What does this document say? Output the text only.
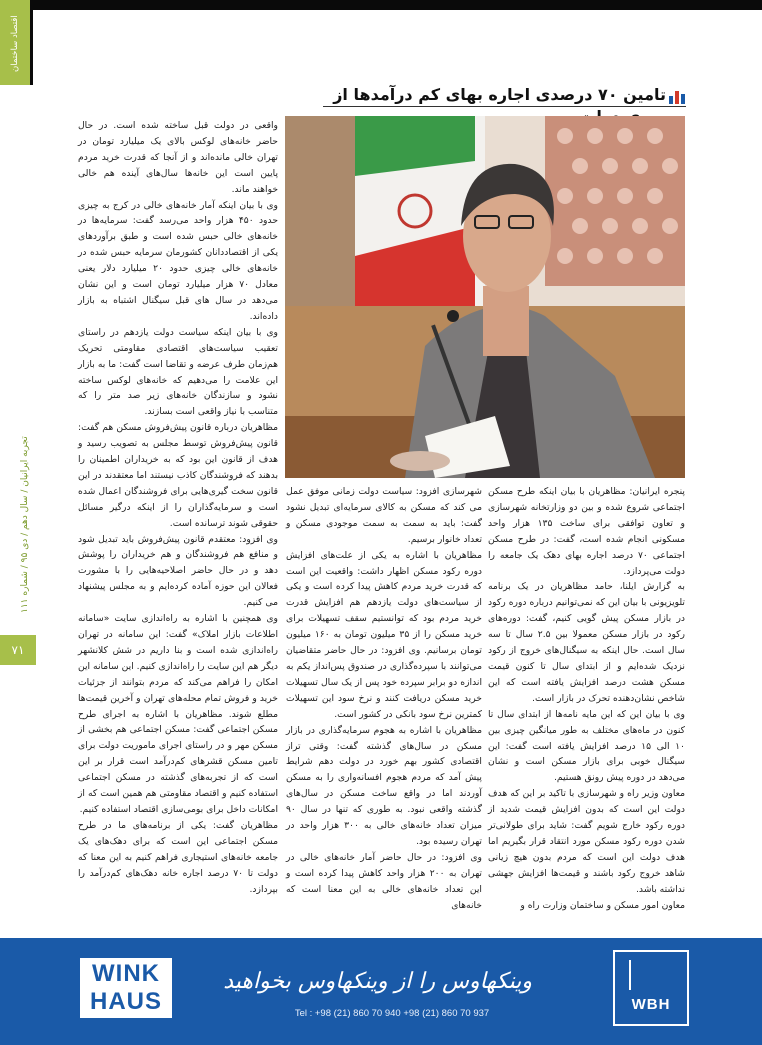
اقتصاد ساختمان
تجربه ایرانیان / سال دهم / دی ۹۵ / شماره ۱۱۱
۷۱
تامین ۷۰ درصدی اجاره بهای کم درآمدها از

پنجره ایرانیان: مظاهریان با بیان اینکه طرح مسکن اجتماعی شروع شده و بین دو وزارتخانه شهرسازی و تعاون توافقی برای ساخت ۱۳۵ هزار واحد مسکونی انجام شده است، گفت: در طرح مسکن اجتماعی ۷۰ درصد اجاره بهای دهک یک جامعه را دولت می‌پردازد.

به گزارش ایلنا، حامد مظاهریان در یک برنامه تلویزیونی با بیان این که نمی‌توانیم درباره دوره رکود در بازار مسکن پیش گویی کنیم، گفت: دوره‌های رکود در بازار مسکن معمولا بین ۲.۵ سال تا سه سال است. حال اینکه به سیگنال‌های خروج از رکود نزدیک شده‌ایم و از ابتدای سال تا کنون قیمت مسکن هشت درصد افزایش یافته است که این شاخص نشان‌دهنده تحرک در بازار است.

وی با بیان این که این مایه نامه‌ها از ابتدای سال تا کنون در ماه‌های مختلف به طور میانگین چیزی بین ۱۰ الی ۱۵ درصد افزایش یافته است گفت: این سیگنال خوبی برای بازار مسکن است و نشان می‌دهد در دوره پیش رونق هستیم.

معاون وزیر راه و شهرسازی با تاکید بر این که هدف دولت این است که بدون افزایش قیمت شدید از دوره رکود خارج شویم گفت: شاید برای طولانی‌تر شدن دوره رکود مسکن مورد انتقاد قرار بگیریم اما هدف دولت این است که مردم بدون هیچ زیانی شاهد خروج رکود باشند و قیمت‌ها افزایش جهشی نداشته باشد.

معاون امور مسکن و ساختمان وزارت راه و

شهرسازی افزود: سیاست دولت زمانی موفق عمل می کند که مسکن به کالای سرمایه‌ای تبدیل نشود گفت: باید به سمت به سمت موجودی مسکن و تعداد خانوار برسیم.

مظاهریان با اشاره به یکی از علت‌های افزایش دوره رکود مسکن اظهار داشت: واقعیت این است که قدرت خرید مردم کاهش پیدا کرده است و یکی از سیاست‌های دولت یازدهم هم افزایش قدرت خرید مردم بود که توانستیم سقف تسهیلات برای خرید مسکن را از ۳۵ میلیون تومان به ۱۶۰ میلیون تومان برسانیم. وی افزود: در حال حاضر متقاضیان می‌توانند با سپرده‌گذاری در صندوق پس‌انداز یکم به اندازه دو برابر سپرده خود پس از یک سال تسهیلات خرید مسکن دریافت کنند و نرخ سود این تسهیلات کمترین نرخ سود بانکی در کشور است.

مظاهریان با اشاره به هجوم سرمایه‌گذاری در بازار مسکن در سال‌های گذشته گفت: وقتی تراز اقتصادی کشور بهم خورد در دولت دهم شرایط پیش آمد که مردم هجوم افسانه‌واری را به مسکن آوردند اما در واقع ساخت مسکن در سال‌های گذشته واقعی نبود. به طوری که تنها در سال ۹۰ میزان تعداد خانه‌های خالی به ۳۰۰ هزار واحد در تهران رسیده بود.

وی افزود: در حال حاضر آمار خانه‌های خالی در تهران به ۲۰۰ هزار واحد کاهش پیدا کرده است و این تعداد خانه‌های خالی به این معنا است که خانه‌های

واقعی در دولت قبل ساخته شده است. در حال حاضر خانه‌های لوکس بالای یک میلیارد تومان در تهران خالی مانده‌اند و از آنجا که قدرت خرید مردم پایین است این خانه‌ها سال‌های آینده هم خالی خواهند ماند.

وی با بیان اینکه آمار خانه‌های خالی در کرج به چیزی حدود ۴۵۰ هزار واحد می‌رسد گفت: سرمایه‌ها در خانه‌های خالی حبس شده است و طبق برآوردهای یکی از اقتصاددانان کشورمان سرمایه حبس شده در خانه‌های خالی چیزی حدود ۲۰ میلیارد دلار یعنی معادل ۷۰ هزار میلیارد تومان است و این نشان می‌دهد در سال های قبل سیگنال اشتباه به بازار داده‌اند.

وی با بیان اینکه سیاست دولت یازدهم در راستای تعقیب سیاست‌های اقتصادی مقاومتی تحریک هم‌زمان طرف عرضه و تقاضا است گفت: ما به بازار این علامت را می‌دهیم که خانه‌های لوکس ساخته نشود و سازندگان خانه‌های زیر صد متر را که متناسب با نیاز واقعی است بسازند.

مظاهریان درباره قانون پیش‌فروش مسکن هم گفت: قانون پیش‌فروش توسط مجلس به تصویب رسید و هدف از قانون این بود که به خریداران اطمینان را بدهند که فروشندگان کاذب نیستند اما معتقدند در این قانون سخت گیری‌هایی برای فروشندگان اعمال شده است و سرمایه‌گذاران را از اینکه درگیر مسائل حقوقی شوند ترسانده است.

وی افزود: معتقدم قانون پیش‌فروش باید تبدیل شود و منافع هم فروشندگان و هم خریداران را پوشش دهد و در حال حاضر اصلاحیه‌هایی را با مشورت فعالان این حوزه آماده کرده‌ایم و به مجلس پیشنهاد می کنیم.

وی همچنین با اشاره به راه‌اندازی سایت «سامانه اطلاعات بازار املاک» گفت: این سامانه در تهران راه‌اندازی شده است و بنا داریم در شش کلانشهر دیگر هم این سایت را راه‌اندازی کنیم. این سامانه این امکان را فراهم می‌کند که مردم بتوانند از جزئیات خرید و فروش تمام محله‌های تهران و آخرین قیمت‌ها مطلع شوند. مظاهریان با اشاره به اجرای طرح مسکن اجتماعی گفت: مسکن اجتماعی هم بخشی از مسکن مهر و در راستای اجرای ماموریت دولت برای تامین مسکن قشرهای کم‌درآمد است قرار بر این است که از تجربه‌های گذشته در مسکن اجتماعی استفاده کنیم و اقتصاد مقاومتی هم همین است که از امکانات داخل برای بومی‌سازی اقتصاد استفاده کنیم.

مظاهریان گفت: یکی از برنامه‌های ما در طرح مسکن اجتماعی این است که برای دهک‌های یک جامعه خانه‌های استیجاری فراهم کنیم به این معنا که دولت تا ۷۰ درصد اجاره خانه دهک‌های کم‌درآمد را بپردازد.

WINK
HAUS
وینکهاوس را از وینکهاوس بخواهید
Tel : +98 (21) 860 70 940 +98 (21) 860 70 937
WBH
